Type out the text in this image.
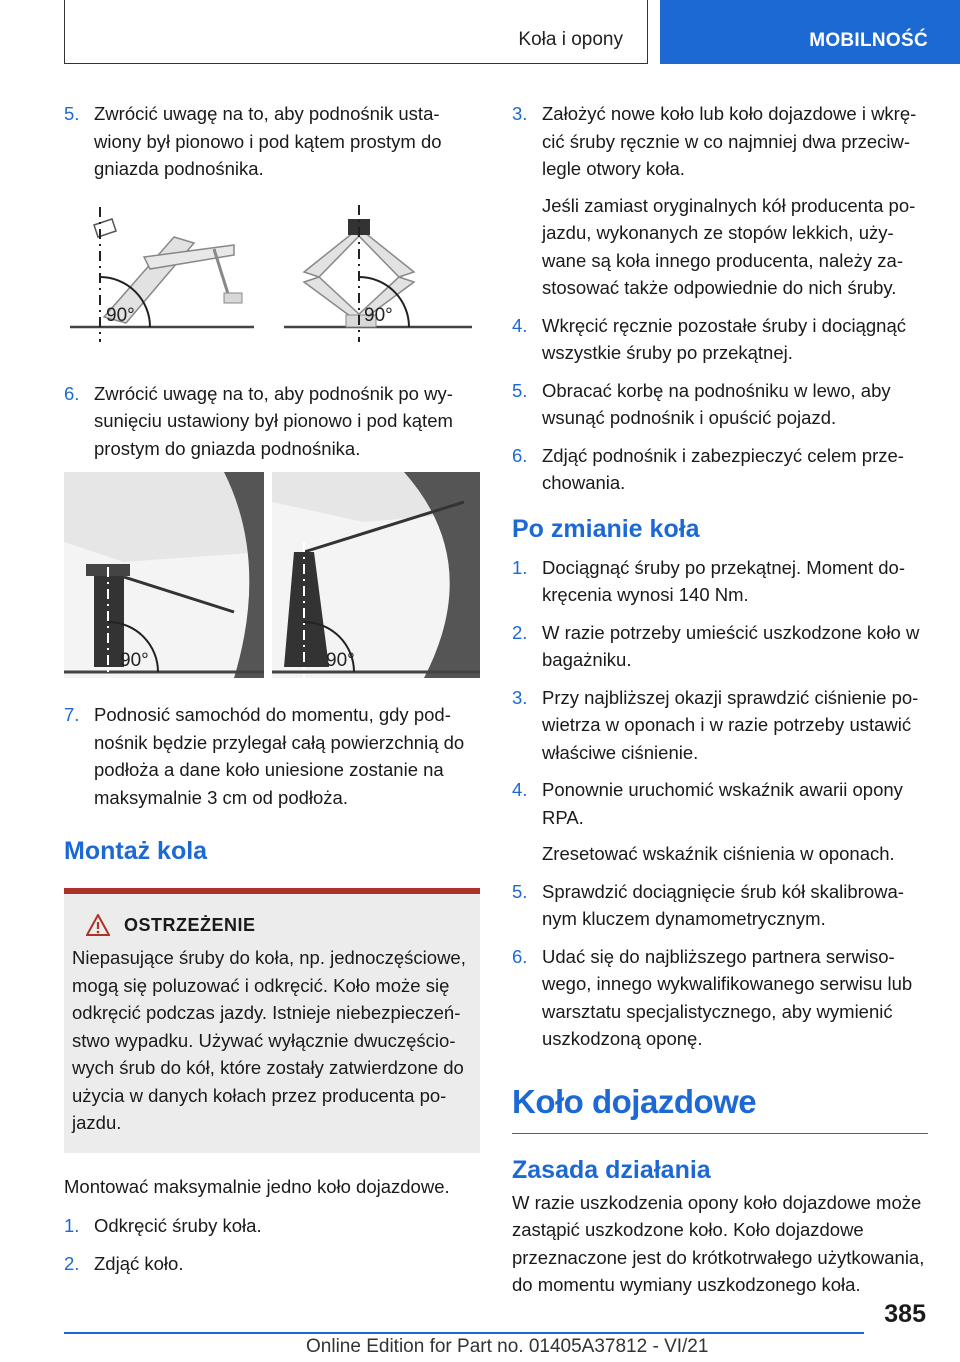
Koła i opony	MOBILNOŚĆ
5. Zwrócić uwagę na to, aby podnośnik ustawiony był pionowo i pod kątem prostym do gniazda podnośnika.

90°	90°
6. Zwrócić uwagę na to, aby podnośnik po wysunięciu ustawiony był pionowo i pod kątem prostym do gniazda podnośnika.

90°	90°
7. Podnosić samochód do momentu, gdy podnośnik będzie przylegał całą powierzchnią do podłoża a dane koło uniesione zostanie na maksymalnie 3 cm od podłoża.

Montaż kola
OSTRZEŻENIE
Niepasujące śruby do koła, np. jednoczęściowe, mogą się poluzować i odkręcić. Koło może się odkręcić podczas jazdy. Istnieje niebezpieczeństwo wypadku. Używać wyłącznie dwuczęściowych śrub do kół, które zostały zatwierdzone do użycia w danych kołach przez producenta pojazdu.
Montować maksymalnie jedno koło dojazdowe.
1. Odkręcić śruby koła.

2. Zdjąć koło.

3. Założyć nowe koło lub koło dojazdowe i wkręcić śruby ręcznie w co najmniej dwa przeciwlegle otwory koła.

Jeśli zamiast oryginalnych kół producenta pojazdu, wykonanych ze stopów lekkich, używane są koła innego producenta, należy zastosować także odpowiednie do nich śruby.

4. Wkręcić ręcznie pozostałe śruby i dociągnąć wszystkie śruby po przekątnej.

5. Obracać korbę na podnośniku w lewo, aby wsunąć podnośnik i opuścić pojazd.

6. Zdjąć podnośnik i zabezpieczyć celem przechowania.

Po zmianie koła
1. Dociągnąć śruby po przekątnej. Moment dokręcenia wynosi 140 Nm.

2. W razie potrzeby umieścić uszkodzone koło w bagażniku.

3. Przy najbliższej okazji sprawdzić ciśnienie powietrza w oponach i w razie potrzeby ustawić właściwe ciśnienie.

4. Ponownie uruchomić wskaźnik awarii opony RPA.

Zresetować wskaźnik ciśnienia w oponach.

5. Sprawdzić dociągnięcie śrub kół skalibrowanym kluczem dynamometrycznym.

6. Udać się do najbliższego partnera serwisowego, innego wykwalifikowanego serwisu lub warsztatu specjalistycznego, aby wymienić uszkodzoną oponę.

Koło dojazdowe
Zasada działania
W razie uszkodzenia opony koło dojazdowe może zastąpić uszkodzone koło. Koło dojazdowe przeznaczone jest do krótkotrwałego użytkowania, do momentu wymiany uszkodzonego koła.
385
Online Edition for Part no. 01405A37812 - VI/21
